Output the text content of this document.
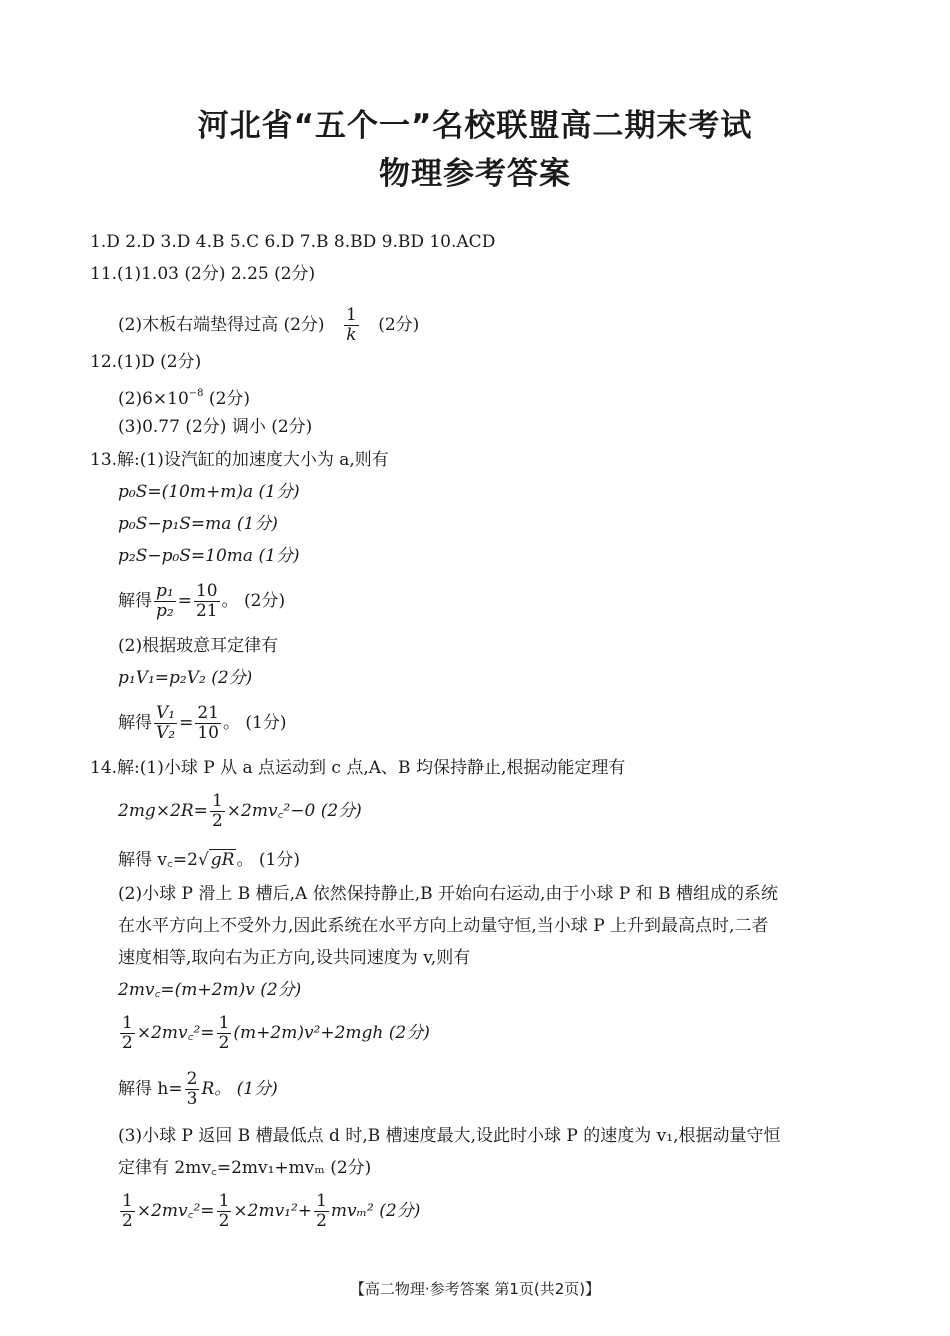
河北省“五个一”名校联盟高二期末考试
物理参考答案
1.D 2.D 3.D 4.B 5.C 6.D 7.B 8.BD 9.BD 10.ACD
11.(1)1.03 (2分) 2.25 (2分)
(2)木板右端垫得过高 (2分) $\frac{1}{k} (2$分)
12.(1)D (2分)
$(2)6\times 10^{-8}$ (2分)
(3)0.77 (2分) 调小 (2分)
13.解:(1)设汽缸的加速度大小为 a,则有
p₀S=(10m+m)a (1分)
p₀S−p₁S=ma (1分)
p₂S−p₀S=10ma (1分)
解得 $\frac{\text{p₁}}{\text{p₂}} = \frac{10}{21}$ 。 (2分)
(2)根据玻意耳定律有
p₁V₁=p₂V₂ (2分)
解得 $\frac{\text{V₁}}{\text{V₂}} = \frac{21}{10}$ 。 (1分)
14.解:(1)小球 P 从 a 点运动到 c 点,A、B 均保持静止,根据动能定理有
$2mg\times 2R= \frac{1}{2}$ ×2mv꜀²−0 (2分)
解得 v꜀=2√ gR 。 (1分)
(2)小球 P 滑上 B 槽后,A 依然保持静止,B 开始向右运动,由于小球 P 和 B 槽组成的系统
在水平方向上不受外力,因此系统在水平方向上动量守恒,当小球 P 上升到最高点时,二者
速度相等,取向右为正方向,设共同速度为 v,则有
2mv꜀=(m+2m)v (2分)
$\frac{1}{2}$ ×2mv꜀²= $\frac{1}{2} (m+2m)v^2+2mgh$ (2分)
解得 $h= \frac{2}{3}$ R。 (1分)
(3)小球 P 返回 B 槽最低点 d 时,B 槽速度最大,设此时小球 P 的速度为 v₁,根据动量守恒
定律有 2mv꜀=2mv₁+mvₘ (2分)
$\frac{1}{2}$ ×2mv꜀²= $\frac{1}{2} \times 2mv_1^2+ \frac{1}{2} mv_m^2$ (2分)
【高二物理·参考答案 第1页(共2页)】
